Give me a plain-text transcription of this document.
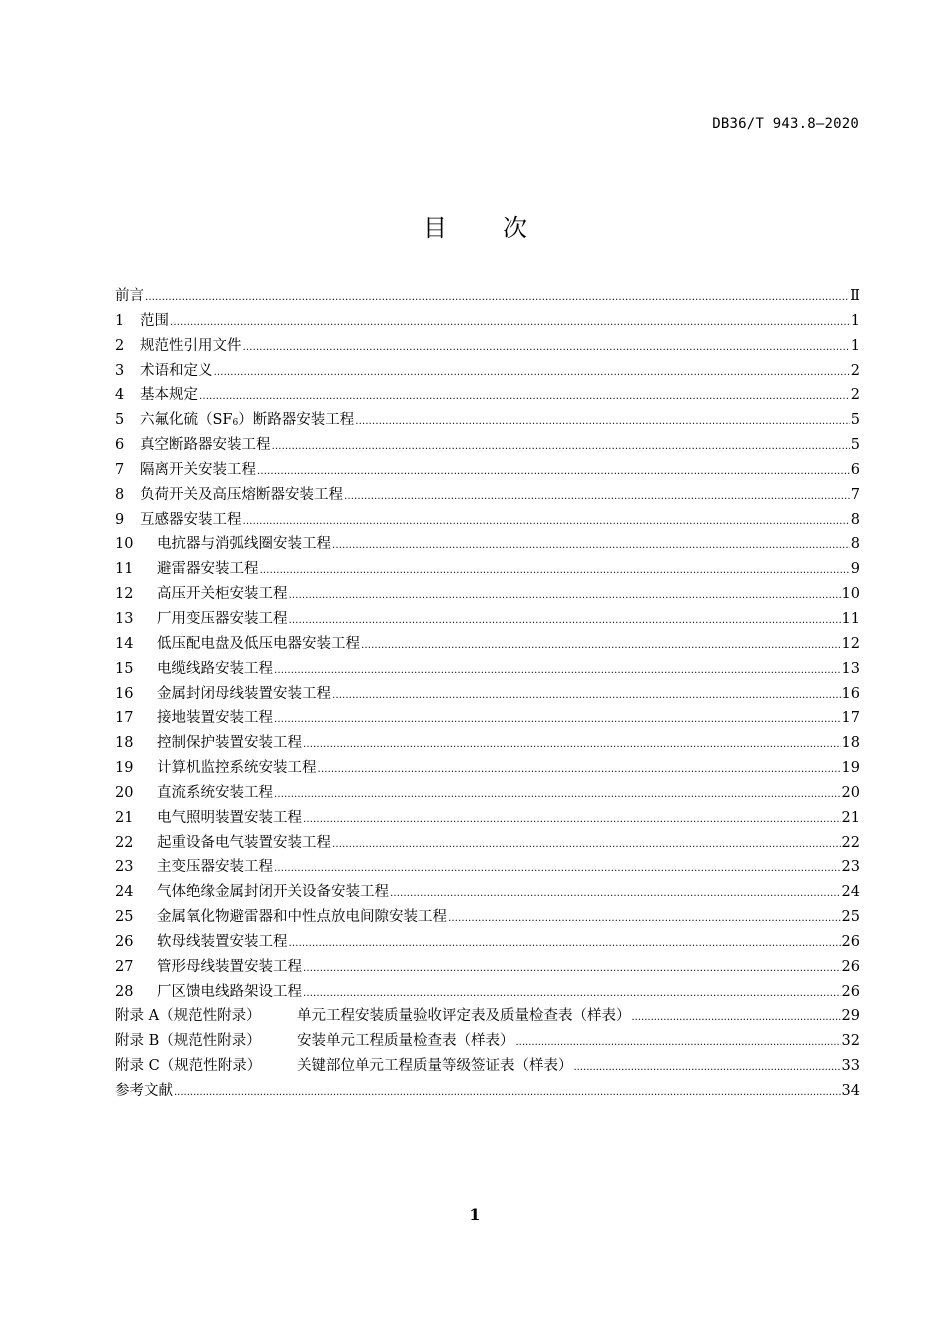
DB36/T 943.8—2020
目 次
前言 ………………………………………………………………………………………………………………………………………………………………………………………………………………………………………………………………………………………………………	Ⅱ
1	范围 ………………………………………………………………………………………………………………………………………………………………………………………………………………………………………………………………………………………………………	1
2	规范性引用文件 ………………………………………………………………………………………………………………………………………………………………………………………………………………………………………………………………………………………………………	1
3	术语和定义 ………………………………………………………………………………………………………………………………………………………………………………………………………………………………………………………………………………………………………	2
4	基本规定 ………………………………………………………………………………………………………………………………………………………………………………………………………………………………………………………………………………………………………	2
5	六氟化硫$(SF_6)$断路器安装工程 ………………………………………………………………………………………………………………………………………………………………………………………………………………………………………………………………………………………………………	5
6	真空断路器安装工程 ………………………………………………………………………………………………………………………………………………………………………………………………………………………………………………………………………………………………………	5
7	隔离开关安装工程 ………………………………………………………………………………………………………………………………………………………………………………………………………………………………………………………………………………………………………	6
8	负荷开关及高压熔断器安装工程 ………………………………………………………………………………………………………………………………………………………………………………………………………………………………………………………………………………………………………	7
9	互感器安装工程 ………………………………………………………………………………………………………………………………………………………………………………………………………………………………………………………………………………………………………	8
10	电抗器与消弧线圈安装工程 ………………………………………………………………………………………………………………………………………………………………………………………………………………………………………………………………………………………………………	8
11	避雷器安装工程 ………………………………………………………………………………………………………………………………………………………………………………………………………………………………………………………………………………………………………	9
12	高压开关柜安装工程 ………………………………………………………………………………………………………………………………………………………………………………………………………………………………………………………………………………………………………	10
13	厂用变压器安装工程 ………………………………………………………………………………………………………………………………………………………………………………………………………………………………………………………………………………………………………	11
14	低压配电盘及低压电器安装工程 ………………………………………………………………………………………………………………………………………………………………………………………………………………………………………………………………………………………………………	12
15	电缆线路安装工程 ………………………………………………………………………………………………………………………………………………………………………………………………………………………………………………………………………………………………………	13
16	金属封闭母线装置安装工程 ………………………………………………………………………………………………………………………………………………………………………………………………………………………………………………………………………………………………………	16
17	接地装置安装工程 ………………………………………………………………………………………………………………………………………………………………………………………………………………………………………………………………………………………………………	17
18	控制保护装置安装工程 ………………………………………………………………………………………………………………………………………………………………………………………………………………………………………………………………………………………………………	18
19	计算机监控系统安装工程 ………………………………………………………………………………………………………………………………………………………………………………………………………………………………………………………………………………………………………	19
20	直流系统安装工程 ………………………………………………………………………………………………………………………………………………………………………………………………………………………………………………………………………………………………………	20
21	电气照明装置安装工程 ………………………………………………………………………………………………………………………………………………………………………………………………………………………………………………………………………………………………………	21
22	起重设备电气装置安装工程 ………………………………………………………………………………………………………………………………………………………………………………………………………………………………………………………………………………………………………	22
23	主变压器安装工程 ………………………………………………………………………………………………………………………………………………………………………………………………………………………………………………………………………………………………………	23
24	气体绝缘金属封闭开关设备安装工程 ………………………………………………………………………………………………………………………………………………………………………………………………………………………………………………………………………………………………………	24
25	金属氧化物避雷器和中性点放电间隙安装工程 ………………………………………………………………………………………………………………………………………………………………………………………………………………………………………………………………………………………………………	25
26	软母线装置安装工程 ………………………………………………………………………………………………………………………………………………………………………………………………………………………………………………………………………………………………………	26
27	管形母线装置安装工程 ………………………………………………………………………………………………………………………………………………………………………………………………………………………………………………………………………………………………………	26
28	厂区馈电线路架设工程 ………………………………………………………………………………………………………………………………………………………………………………………………………………………………………………………………………………………………………	26
附录 A（规范性附录）	单元工程安装质量验收评定表及质量检查表（样表） .....	29
附录 B（规范性附录）	安装单元工程质量检查表（样表） .....	32
附录 C（规范性附录）	关键部位单元工程质量等级签证表（样表） .....	33
参考文献 .....	34
1
